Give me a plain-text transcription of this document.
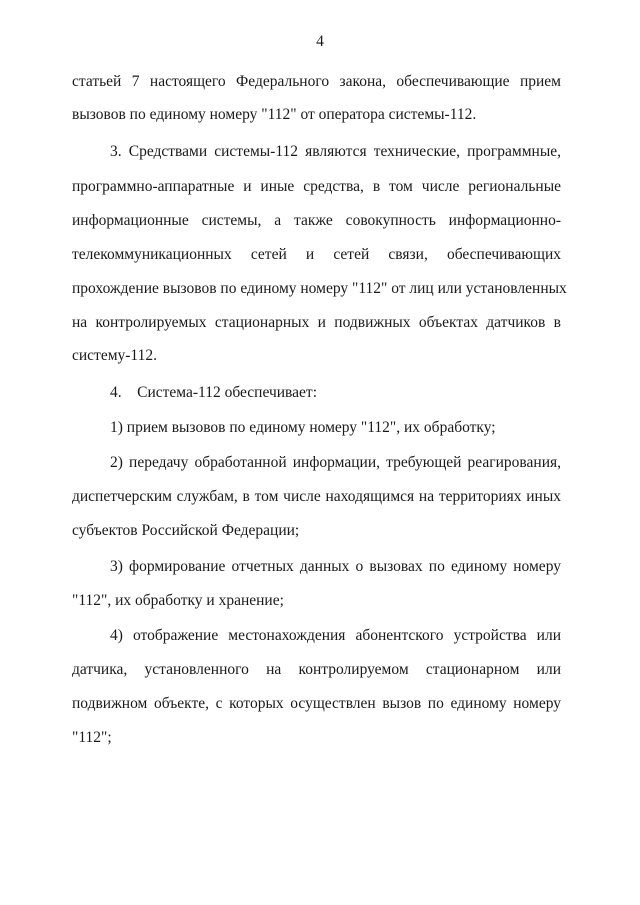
4
статьей 7 настоящего Федерального закона, обеспечивающие прием
вызовов по единому номеру "112" от оператора системы-112.
3. Средствами системы-112 являются технические, программные,
программно-аппаратные и иные средства, в том числе региональные
информационные системы, а также совокупность информационно-
телекоммуникационных сетей и сетей связи, обеспечивающих
прохождение вызовов по единому номеру "112" от лиц или установленных
на контролируемых стационарных и подвижных объектах датчиков в
систему-112.
4.    Система-112 обеспечивает:
1) прием вызовов по единому номеру "112", их обработку;
2) передачу обработанной информации, требующей реагирования,
диспетчерским службам, в том числе находящимся на территориях иных
субъектов Российской Федерации;
3) формирование отчетных данных о вызовах по единому номеру
"112", их обработку и хранение;
4) отображение местонахождения абонентского устройства или
датчика, установленного на контролируемом стационарном или
подвижном объекте, с которых осуществлен вызов по единому номеру
"112";
